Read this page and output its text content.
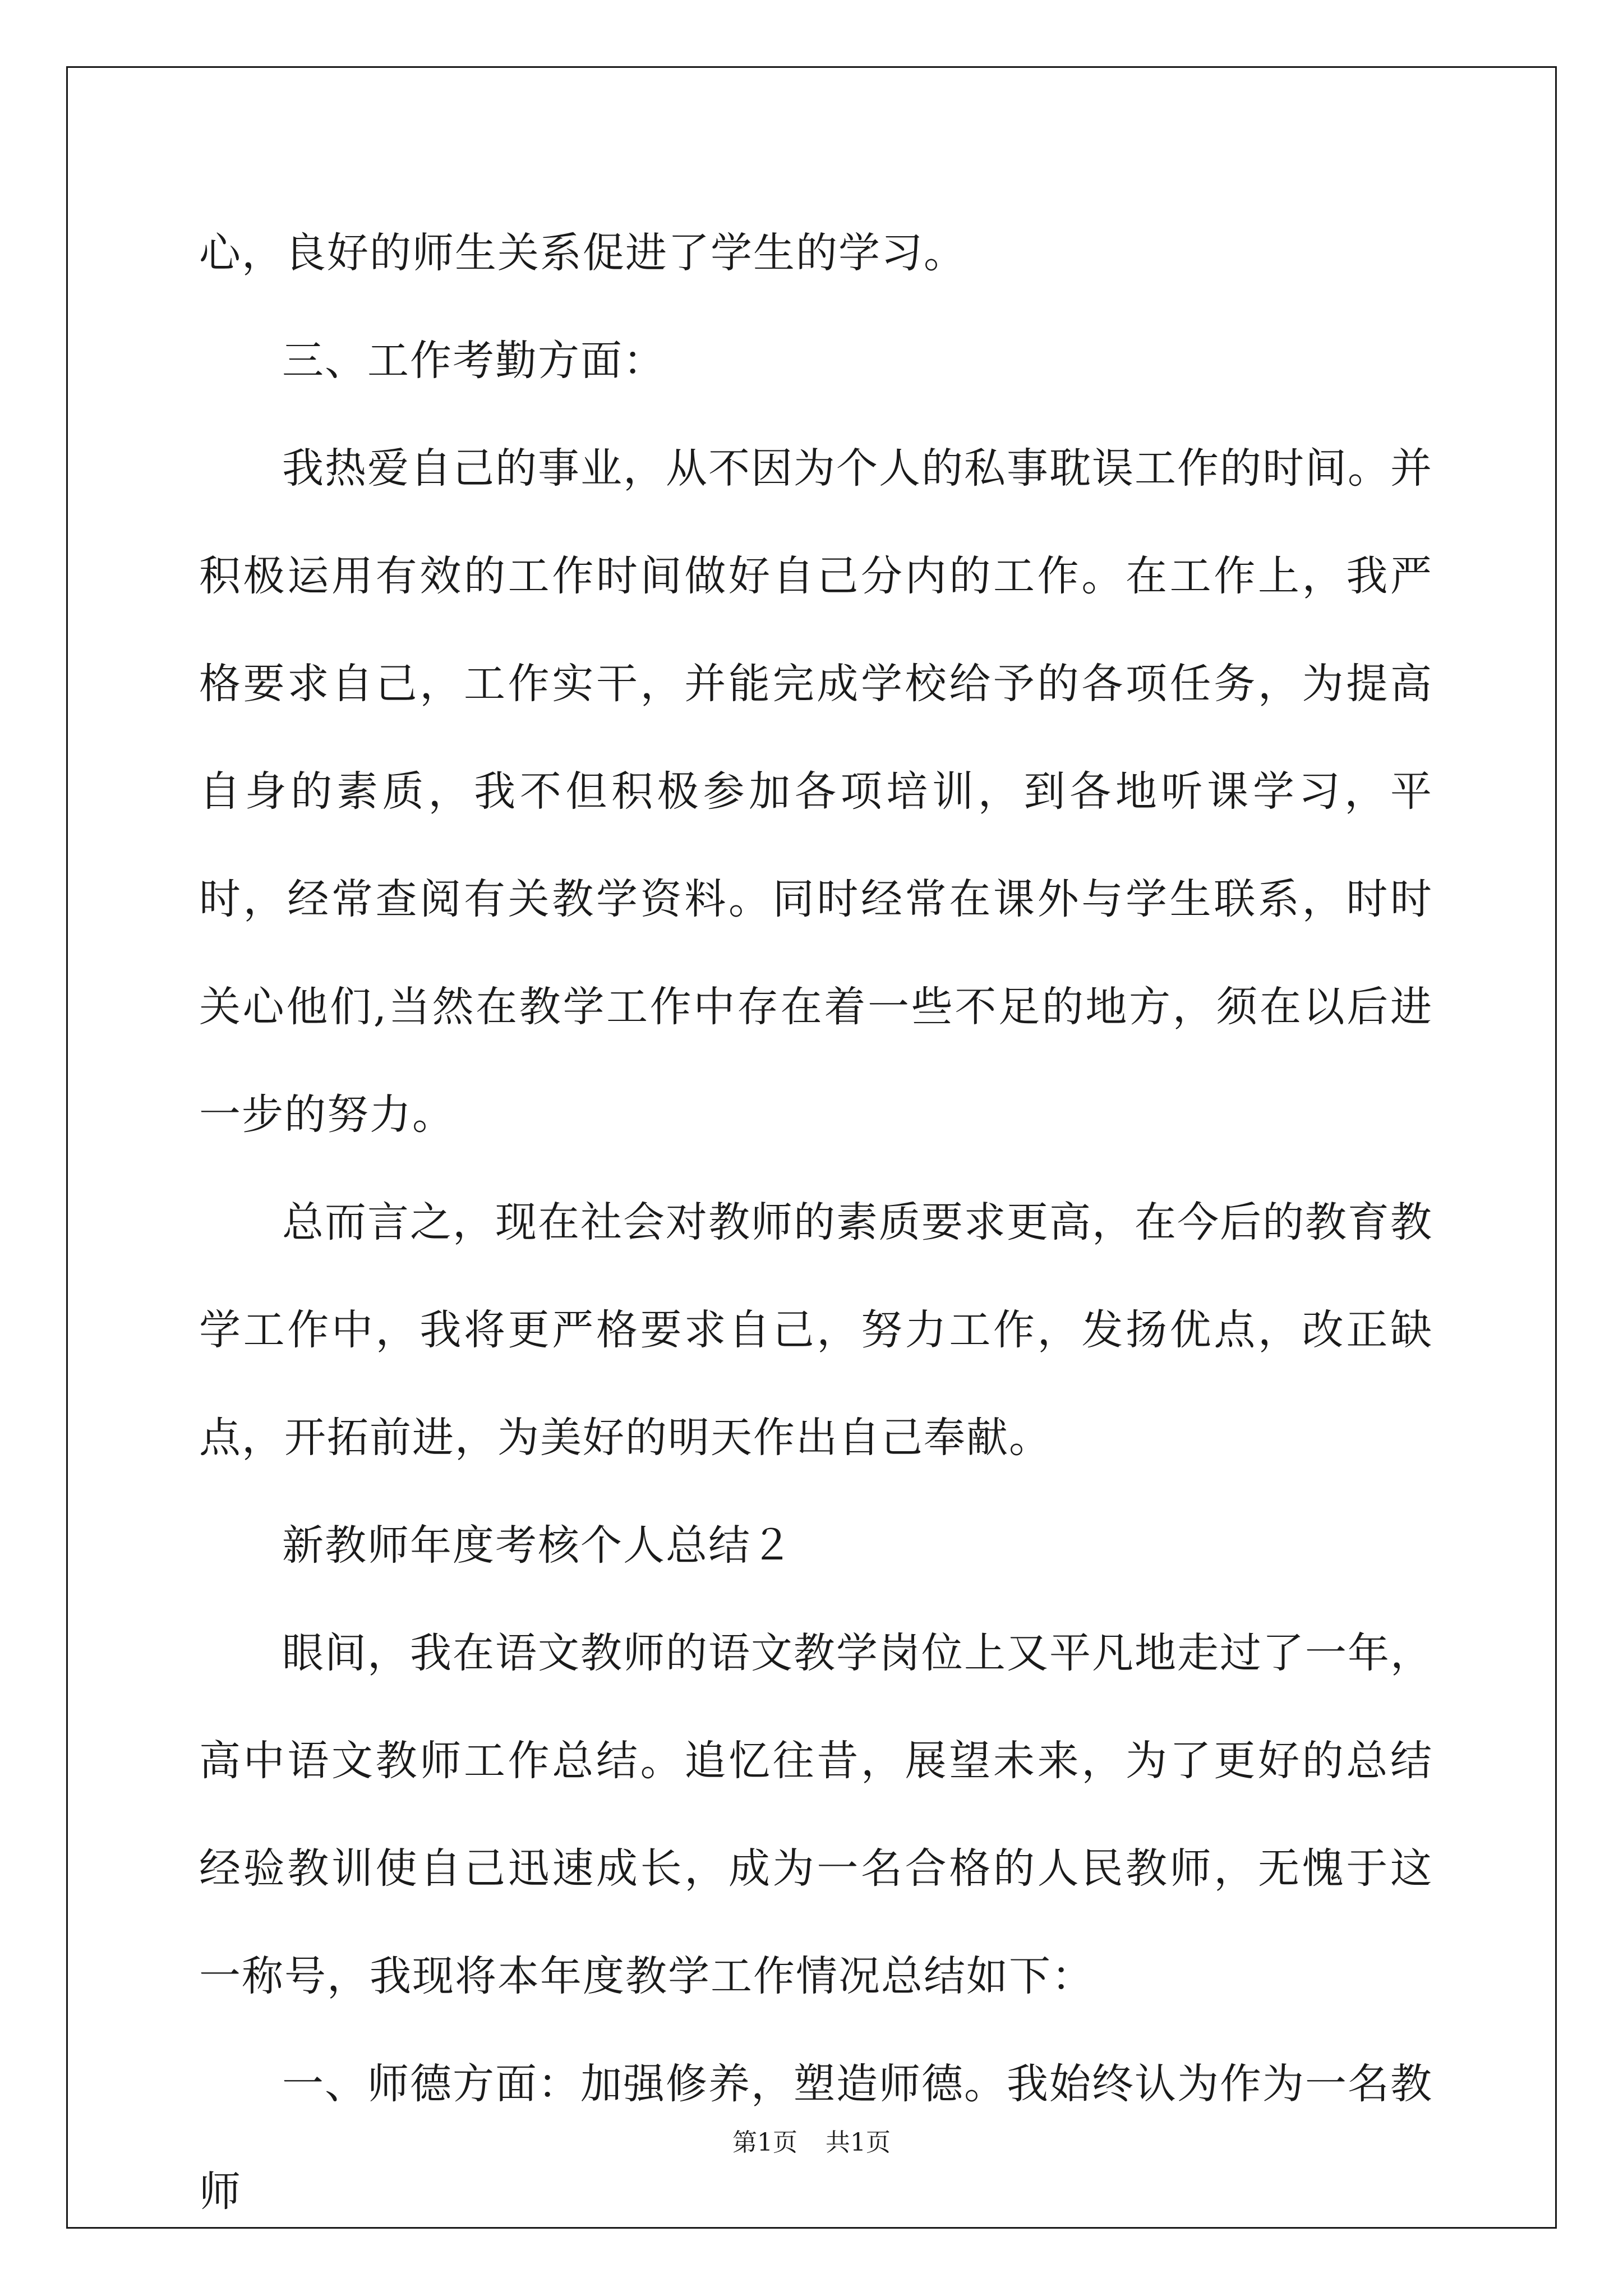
心，良好的师生关系促进了学生的学习。

三、工作考勤方面：

我热爱自己的事业，从不因为个人的私事耽误工作的时间。并积极运用有效的工作时间做好自己分内的工作。在工作上，我严格要求自己，工作实干，并能完成学校给予的各项任务，为提高自身的素质，我不但积极参加各项培训，到各地听课学习，平时，经常查阅有关教学资料。同时经常在课外与学生联系，时时关心他们,当然在教学工作中存在着一些不足的地方，须在以后进一步的努力。

总而言之，现在社会对教师的素质要求更高，在今后的教育教学工作中，我将更严格要求自己，努力工作，发扬优点，改正缺点，开拓前进，为美好的明天作出自己奉献。

新教师年度考核个人总结２

眼间，我在语文教师的语文教学岗位上又平凡地走过了一年，高中语文教师工作总结。追忆往昔，展望未来，为了更好的总结经验教训使自己迅速成长，成为一名合格的人民教师，无愧于这一称号，我现将本年度教学工作情况总结如下：

一、师德方面：加强修养，塑造师德。我始终认为作为一名教师

第1页 共1页
